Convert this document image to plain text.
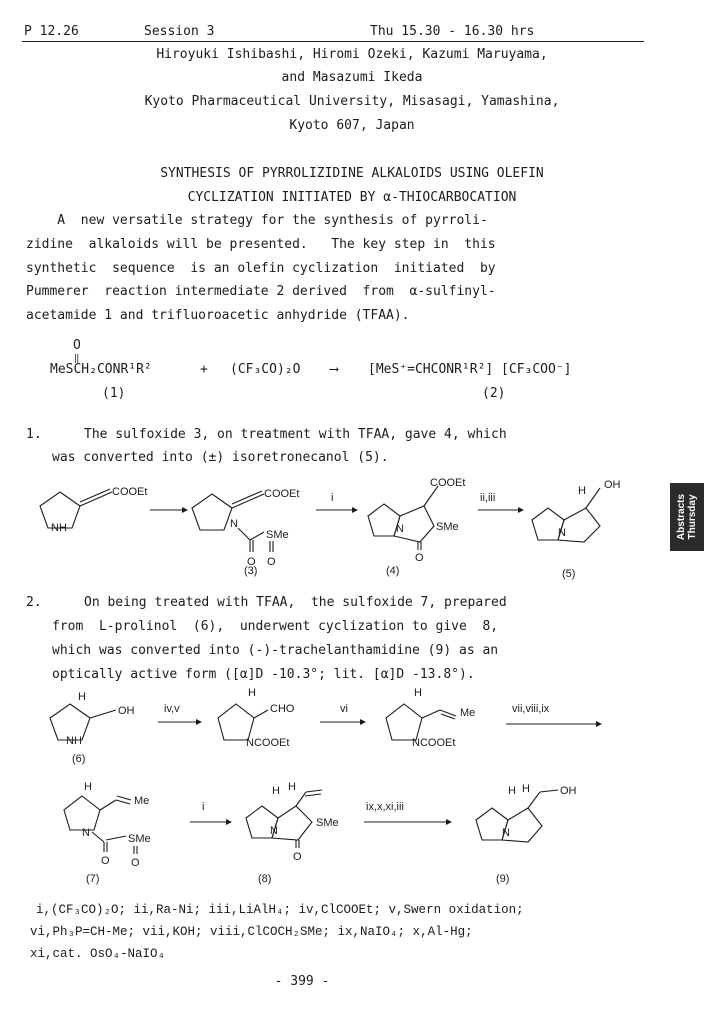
P 12.26	Session 3	Thu 15.30 - 16.30 hrs
Hiroyuki Ishibashi, Hiromi Ozeki, Kazumi Maruyama,
and Masazumi Ikeda
Kyoto Pharmaceutical University, Misasagi, Yamashina,
Kyoto 607, Japan
SYNTHESIS OF PYRROLIZIDINE ALKALOIDS USING OLEFIN
CYCLIZATION INITIATED BY α-THIOCARBOCATION
A  new versatile strategy for the synthesis of pyrroli-
zidine  alkaloids will be presented.   The key step in  this
synthetic  sequence  is an olefin cyclization  initiated  by
Pummerer  reaction intermediate 2 derived  from  α-sulfinyl-
acetamide 1 and trifluoroacetic anhydride (TFAA).
O
‖
MeSCH₂CONR¹R²	+ (CF₃CO)₂O ⟶ [MeS⁺=CHCONR¹R²] [CF₃COO⁻]
(1)	(2)
1.	The sulfoxide 3, on treatment with TFAA, gave 4, which
was converted into (±) isoretronecanol (5).
COOEt
NH
COOEt
N
O
SMe
O
i
COOEt
SMe
N
O
ii,iii
H OH
N
(3)	(4)	(5)
2.	On being treated with TFAA,  the sulfoxide 7, prepared
from  L-prolinol  (6),  underwent cyclization to give  8,
which was converted into (-)-trachelanthamidine (9) as an
optically active form ([α]D -10.3°; lit. [α]D -13.8°).
H
OH
NH
(6)
iv,v
H
CHO
NCOOEt
vi
H
Me
NCOOEt
vii,viii,ix
H
Me
N
O
SMe
O
(7)
i
H H
SMe
N
O
(8)
ix,x,xi,iii
H H	OH
N
(9)
i,(CF₃CO)₂O; ii,Ra-Ni; iii,LiAlH₄; iv,ClCOOEt; v,Swern oxidation;
vi,Ph₃P=CH-Me; vii,KOH; viii,ClCOCH₂SMe; ix,NaIO₄; x,Al-Hg;
xi,cat. OsO₄-NaIO₄
- 399 -
Abstracts
Thursday
